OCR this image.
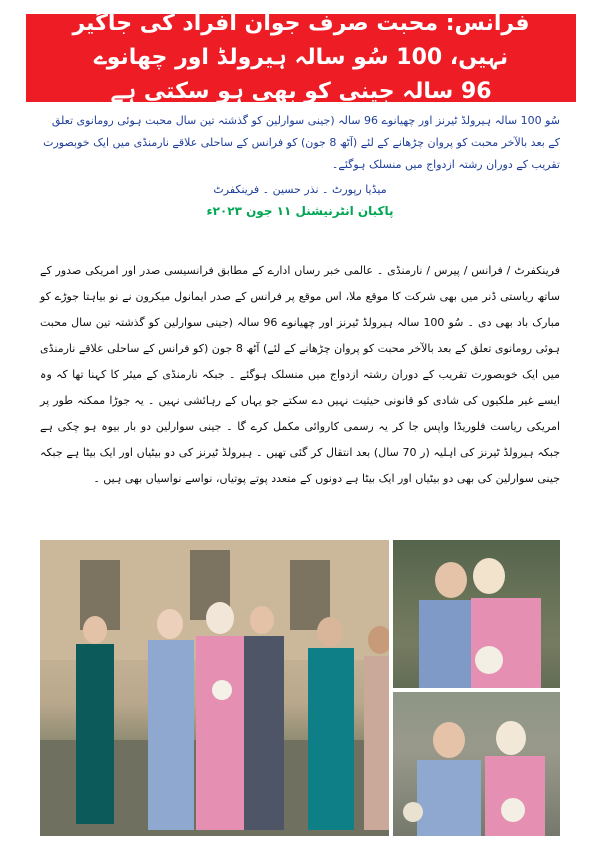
فرانس: محبت صرف جوان افراد کی جاگیر نہیں، 100 سُو سالہ ہیرولڈ اور چھانوے

96 سالہ جینی کو بھی ہو سکتی ہے

سُو 100 سالہ ہیرولڈ ٹیرنز اور چھیانوے 96 سالہ (جینی سوارلین کو گذشتہ تین سال محبت ہوئی رومانوی تعلق کے بعد بالآخر محبت کو پروان چڑھانے کے لئے (آٹھ 8 جون) کو فرانس کے ساحلی علاقے نارمنڈی میں ایک خوبصورت تقریب کے دوران رشتہ ازدواج میں منسلک ہوگئے۔

میڈیا رپورٹ ۔ نذر حسین ۔ فرینکفرٹ
پاکبان انٹرنیشنل ۱۱ جون ۲۰۲۳ء

فرینکفرٹ / فرانس / پیرس / نارمنڈی ۔ عالمی خبر رساں ادارے کے مطابق فرانسیسی صدر اور امریکی صدور کے ساتھ ریاستی ڈنر میں بھی شرکت کا موقع ملا، اس موقع پر فرانس کے صدر ایمانول میکرون نے نو بیاہتا جوڑے کو مبارک باد بھی دی ۔ سُو 100 سالہ ہیرولڈ ٹیرنز اور چھیانوے 96 سالہ (جینی سوارلین کو گذشتہ تین سال محبت ہوئی رومانوی تعلق کے بعد بالآخر محبت کو پروان چڑھانے کے لئے) آٹھ 8 جون (کو فرانس کے ساحلی علاقے نارمنڈی میں ایک خوبصورت تقریب کے دوران رشتہ ازدواج میں منسلک ہوگئے ۔ جبکہ نارمنڈی کے میئر کا کہنا تھا کہ وہ ایسے غیر ملکیوں کی شادی کو قانونی حیثیت نہیں دے سکتے جو یہاں کے رہائشی نہیں ۔ یہ جوڑا ممکنہ طور پر امریکی ریاست فلوریڈا واپس جا کر یہ رسمی کاروائی مکمل کرے گا ۔ جینی سوارلین دو بار بیوہ ہو چکی ہے جبکہ ہیرولڈ ٹیرنز کی اہلیہ (ر 70 سال) بعد انتقال کر گئی تھیں ۔ ہیرولڈ ٹیرنز کی دو بیٹیاں اور ایک بیٹا ہے جبکہ جینی سوارلین کی بھی دو بیٹیاں اور ایک بیٹا ہے دونوں کے متعدد پوتے پوتیاں، نواسے نواسیاں بھی ہیں ۔
